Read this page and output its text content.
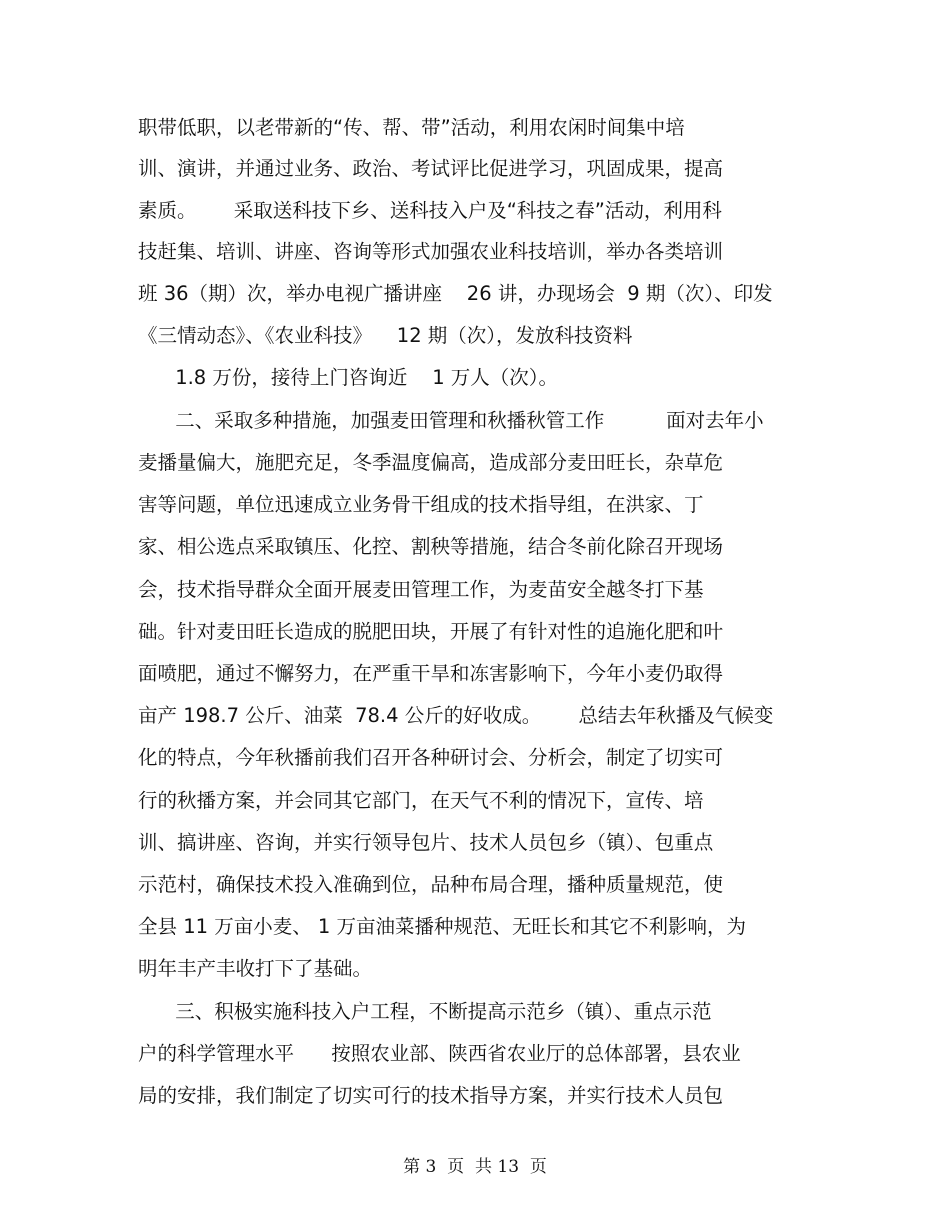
职带低职，以老带新的“传、帮、带”活动，利用农闲时间集中培
训、演讲，并通过业务、政治、考试评比促进学习，巩固成果，提高
素质。      采取送科技下乡、送科技入户及“科技之春”活动，利用科
技赶集、培训、讲座、咨询等形式加强农业科技培训，举办各类培训
班 36（期）次，举办电视广播讲座    26 讲，办现场会  9 期（次）、印发
《三情动态》、《农业科技》    12 期（次），发放科技资料
1.8 万份，接待上门咨询近    1 万人（次）。
二、采取多种措施，加强麦田管理和秋播秋管工作          面对去年小
麦播量偏大，施肥充足，冬季温度偏高，造成部分麦田旺长，杂草危
害等问题，单位迅速成立业务骨干组成的技术指导组，在洪家、丁
家、相公选点采取镇压、化控、割秧等措施，结合冬前化除召开现场
会，技术指导群众全面开展麦田管理工作，为麦苗安全越冬打下基
础。针对麦田旺长造成的脱肥田块，开展了有针对性的追施化肥和叶
面喷肥，通过不懈努力，在严重干旱和冻害影响下，今年小麦仍取得
亩产 198.7 公斤、油菜  78.4 公斤的好收成。      总结去年秋播及气候变
化的特点，今年秋播前我们召开各种研讨会、分析会，制定了切实可
行的秋播方案，并会同其它部门，在天气不利的情况下，宣传、培
训、搞讲座、咨询，并实行领导包片、技术人员包乡（镇）、包重点
示范村，确保技术投入准确到位，品种布局合理，播种质量规范，使
全县 11 万亩小麦、 1 万亩油菜播种规范、无旺长和其它不利影响，为
明年丰产丰收打下了基础。
三、积极实施科技入户工程，不断提高示范乡（镇）、重点示范
户的科学管理水平      按照农业部、陕西省农业厅的总体部署，县农业
局的安排，我们制定了切实可行的技术指导方案，并实行技术人员包
第 3  页  共 13  页
